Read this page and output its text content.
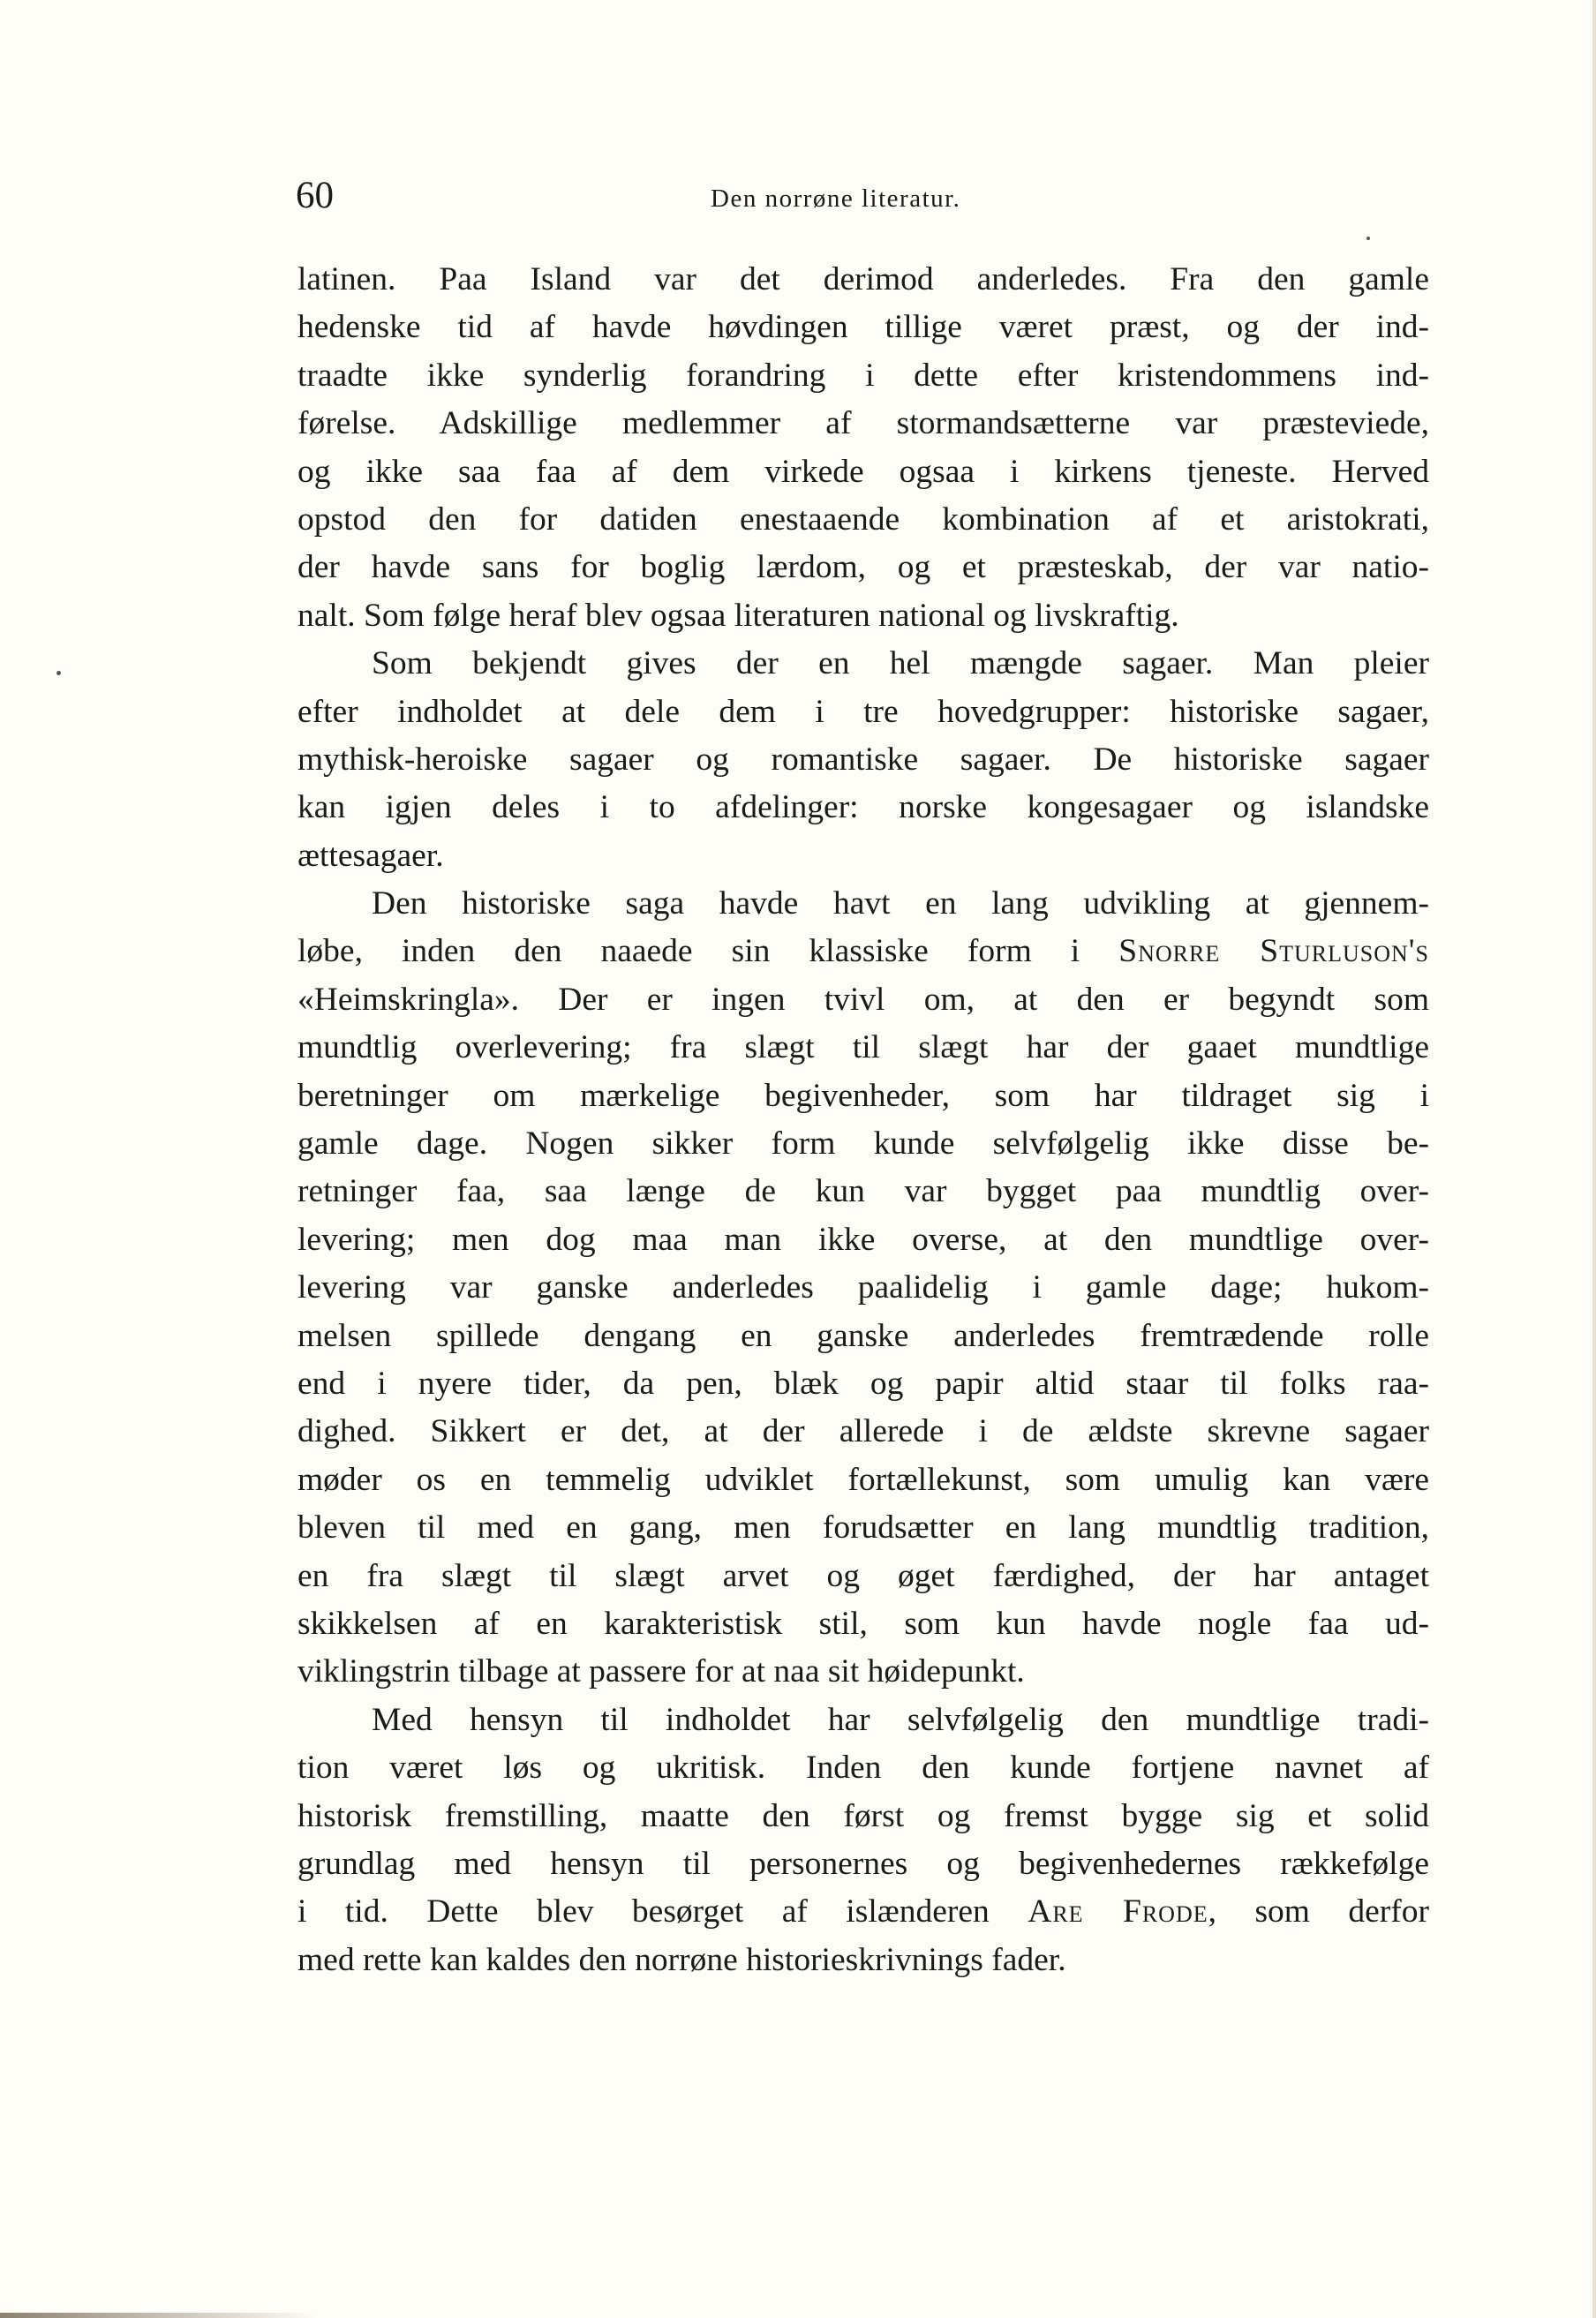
60	Den norrøne literatur.
latinen. Paa Island var det derimod anderledes. Fra den gamle
hedenske tid af havde høvdingen tillige været præst, og der ind-
traadte ikke synderlig forandring i dette efter kristendommens ind-
førelse. Adskillige medlemmer af stormandsætterne var præsteviede,
og ikke saa faa af dem virkede ogsaa i kirkens tjeneste. Herved
opstod den for datiden enestaaende kombination af et aristokrati,
der havde sans for boglig lærdom, og et præsteskab, der var natio-
nalt. Som følge heraf blev ogsaa literaturen national og livskraftig.
Som bekjendt gives der en hel mængde sagaer. Man pleier
efter indholdet at dele dem i tre hovedgrupper: historiske sagaer,
mythisk-heroiske sagaer og romantiske sagaer. De historiske sagaer
kan igjen deles i to afdelinger: norske kongesagaer og islandske
ættesagaer.
Den historiske saga havde havt en lang udvikling at gjennem-
løbe, inden den naaede sin klassiske form i Snorre Sturluson's
«Heimskringla». Der er ingen tvivl om, at den er begyndt som
mundtlig overlevering; fra slægt til slægt har der gaaet mundtlige
beretninger om mærkelige begivenheder, som har tildraget sig i
gamle dage. Nogen sikker form kunde selvfølgelig ikke disse be-
retninger faa, saa længe de kun var bygget paa mundtlig over-
levering; men dog maa man ikke overse, at den mundtlige over-
levering var ganske anderledes paalidelig i gamle dage; hukom-
melsen spillede dengang en ganske anderledes fremtrædende rolle
end i nyere tider, da pen, blæk og papir altid staar til folks raa-
dighed. Sikkert er det, at der allerede i de ældste skrevne sagaer
møder os en temmelig udviklet fortællekunst, som umulig kan være
bleven til med en gang, men forudsætter en lang mundtlig tradition,
en fra slægt til slægt arvet og øget færdighed, der har antaget
skikkelsen af en karakteristisk stil, som kun havde nogle faa ud-
viklingstrin tilbage at passere for at naa sit høidepunkt.
Med hensyn til indholdet har selvfølgelig den mundtlige tradi-
tion været løs og ukritisk. Inden den kunde fortjene navnet af
historisk fremstilling, maatte den først og fremst bygge sig et solid
grundlag med hensyn til personernes og begivenhedernes rækkefølge
i tid. Dette blev besørget af islænderen Are Frode, som derfor
med rette kan kaldes den norrøne historieskrivnings fader.
